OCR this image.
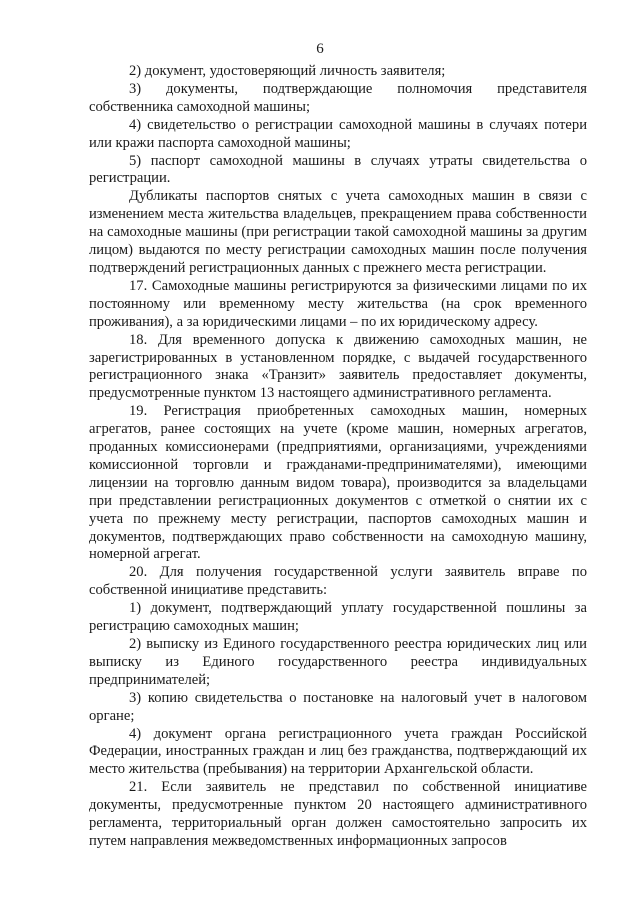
6

2) документ, удостоверяющий личность заявителя;

3) документы, подтверждающие полномочия представителя собственника самоходной машины;

4) свидетельство о регистрации самоходной машины в случаях потери или кражи паспорта самоходной машины;

5) паспорт самоходной машины в случаях утраты свидетельства о регистрации.

Дубликаты паспортов снятых с учета самоходных машин в связи с изменением места жительства владельцев, прекращением права собственности на самоходные машины (при регистрации такой самоходной машины за другим лицом) выдаются по месту регистрации самоходных машин после получения подтверждений регистрационных данных с прежнего места регистрации.

17. Самоходные машины регистрируются за физическими лицами по их постоянному или временному месту жительства (на срок временного проживания), а за юридическими лицами – по их юридическому адресу.

18. Для временного допуска к движению самоходных машин, не зарегистрированных в установленном порядке, с выдачей государственного регистрационного знака «Транзит» заявитель предоставляет документы, предусмотренные пунктом 13 настоящего административного регламента.

19. Регистрация приобретенных самоходных машин, номерных агрегатов, ранее состоящих на учете (кроме машин, номерных агрегатов, проданных комиссионерами (предприятиями, организациями, учреждениями комиссионной торговли и гражданами-предпринимателями), имеющими лицензии на торговлю данным видом товара), производится за владельцами при представлении регистрационных документов с отметкой о снятии их с учета по прежнему месту регистрации, паспортов самоходных машин и документов, подтверждающих право собственности на самоходную машину, номерной агрегат.

20. Для получения государственной услуги заявитель вправе по собственной инициативе представить:

1) документ, подтверждающий уплату государственной пошлины за регистрацию самоходных машин;

2) выписку из Единого государственного реестра юридических лиц или выписку из Единого государственного реестра индивидуальных предпринимателей;

3) копию свидетельства о постановке на налоговый учет в налоговом органе;

4) документ органа регистрационного учета граждан Российской Федерации, иностранных граждан и лиц без гражданства, подтверждающий их место жительства (пребывания) на территории Архангельской области.

21. Если заявитель не представил по собственной инициативе документы, предусмотренные пунктом 20 настоящего административного регламента, территориальный орган должен самостоятельно запросить их путем направления межведомственных информационных запросов
